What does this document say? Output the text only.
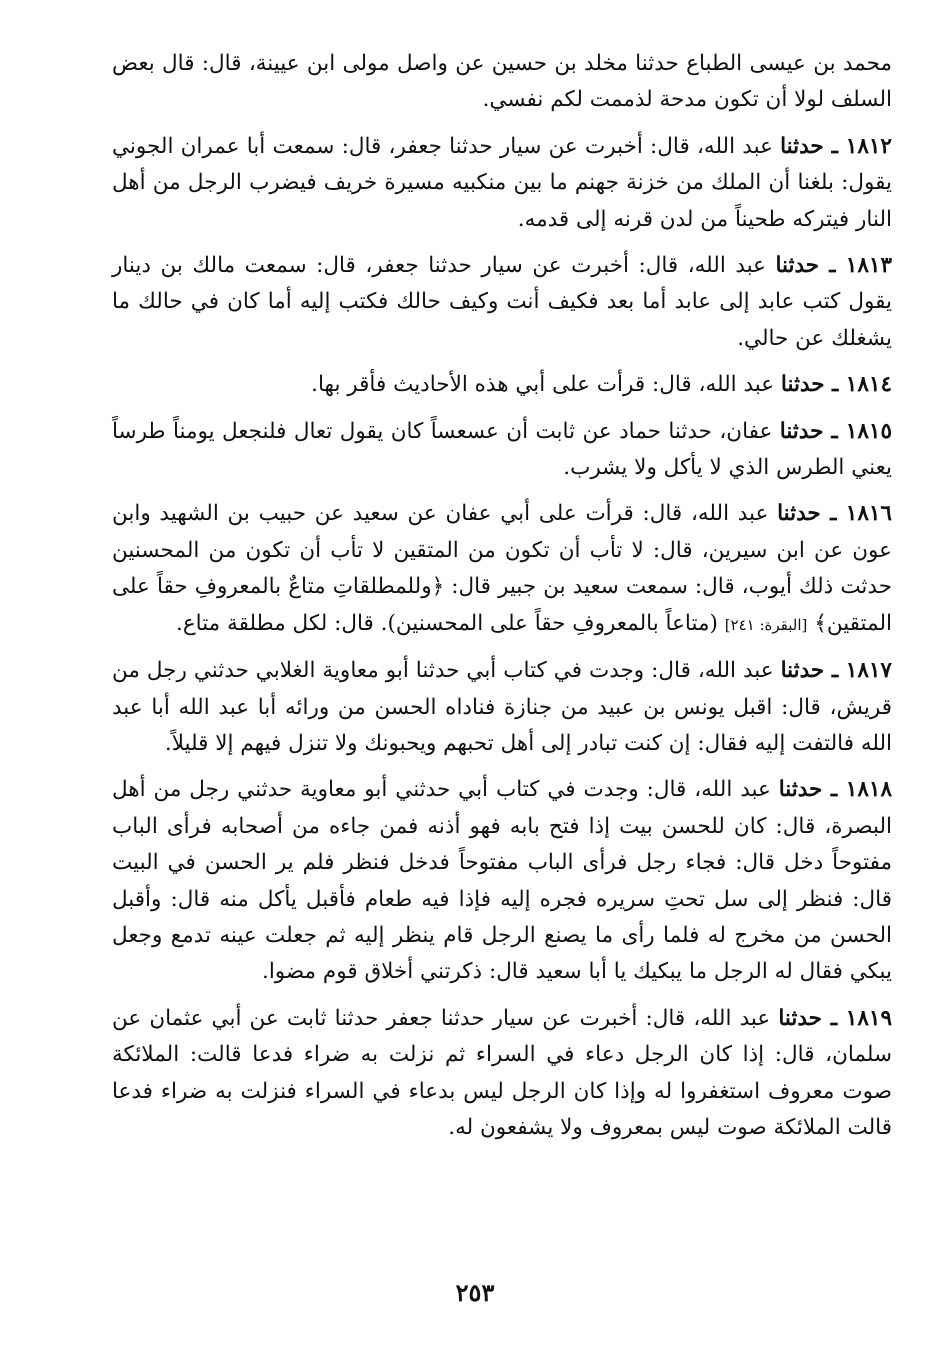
محمد بن عيسى الطباع حدثنا مخلد بن حسين عن واصل مولى ابن عيينة، قال: قال بعض السلف لولا أن تكون مدحة لذممت لكم نفسي.

١٨١٢ ـ حدثنا عبد الله، قال: أخبرت عن سيار حدثنا جعفر، قال: سمعت أبا عمران الجوني يقول: بلغنا أن الملك من خزنة جهنم ما بين منكبيه مسيرة خريف فيضرب الرجل من أهل النار فيتركه طحيناً من لدن قرنه إلى قدمه.

١٨١٣ ـ حدثنا عبد الله، قال: أخبرت عن سيار حدثنا جعفر، قال: سمعت مالك بن دينار يقول كتب عابد إلى عابد أما بعد فكيف أنت وكيف حالك فكتب إليه أما كان في حالك ما يشغلك عن حالي.

١٨١٤ ـ حدثنا عبد الله، قال: قرأت على أبي هذه الأحاديث فأقر بها.

١٨١٥ ـ حدثنا عفان، حدثنا حماد عن ثابت أن عسعساً كان يقول تعال فلنجعل يومناً طرساً يعني الطرس الذي لا يأكل ولا يشرب.

١٨١٦ ـ حدثنا عبد الله، قال: قرأت على أبي عفان عن سعيد عن حبيب بن الشهيد وابن عون عن ابن سيرين، قال: لا تأب أن تكون من المتقين لا تأب أن تكون من المحسنين حدثت ذلك أيوب، قال: سمعت سعيد بن جبير قال: ﴿وللمطلقاتِ متاعٌ بالمعروفِ حقاً على المتقين﴾ [البقرة: ٢٤١] (متاعاً بالمعروفِ حقاً على المحسنين). قال: لكل مطلقة متاع.

١٨١٧ ـ حدثنا عبد الله، قال: وجدت في كتاب أبي حدثنا أبو معاوية الغلابي حدثني رجل من قريش، قال: اقبل يونس بن عبيد من جنازة فناداه الحسن من ورائه أبا عبد الله أبا عبد الله فالتفت إليه فقال: إن كنت تبادر إلى أهل تحبهم ويحبونك ولا تنزل فيهم إلا قليلاً.

١٨١٨ ـ حدثنا عبد الله، قال: وجدت في كتاب أبي حدثني أبو معاوية حدثني رجل من أهل البصرة، قال: كان للحسن بيت إذا فتح بابه فهو أذنه فمن جاءه من أصحابه فرأى الباب مفتوحاً دخل قال: فجاء رجل فرأى الباب مفتوحاً فدخل فنظر فلم ير الحسن في البيت قال: فنظر إلى سل تحتِ سريره فجره إليه فإذا فيه طعام فأقبل يأكل منه قال: وأقبل الحسن من مخرج له فلما رأى ما يصنع الرجل قام ينظر إليه ثم جعلت عينه تدمع وجعل يبكي فقال له الرجل ما يبكيك يا أبا سعيد قال: ذكرتني أخلاق قوم مضوا.

١٨١٩ ـ حدثنا عبد الله، قال: أخبرت عن سيار حدثنا جعفر حدثنا ثابت عن أبي عثمان عن سلمان، قال: إذا كان الرجل دعاء في السراء ثم نزلت به ضراء فدعا قالت: الملائكة صوت معروف استغفروا له وإذا كان الرجل ليس بدعاء في السراء فنزلت به ضراء فدعا قالت الملائكة صوت ليس بمعروف ولا يشفعون له.

٢٥٣
